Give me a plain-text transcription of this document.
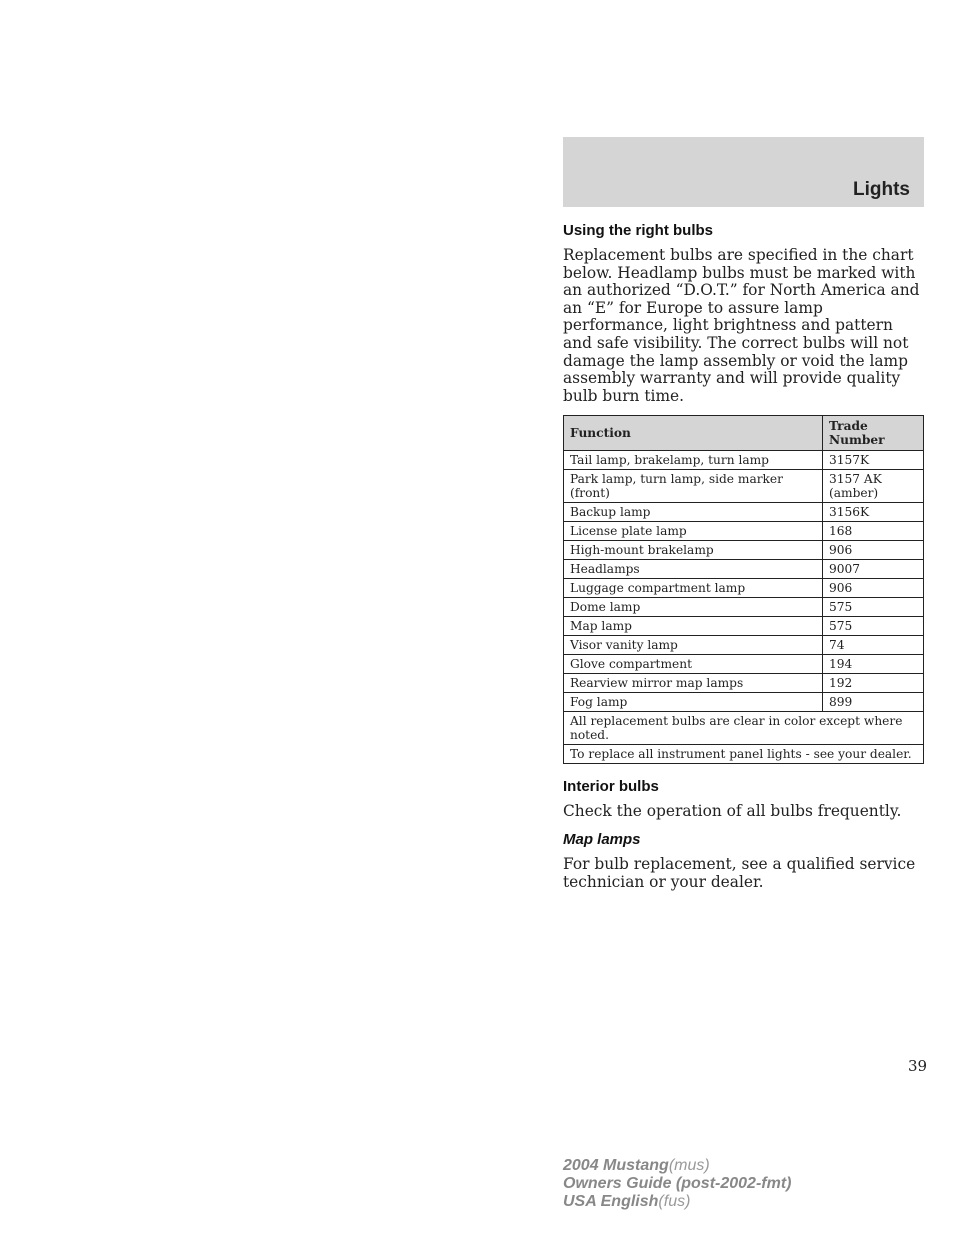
Lights
Using the right bulbs

Replacement bulbs are specified in the chart below. Headlamp bulbs must be marked with an authorized “D.O.T.” for North America and an “E” for Europe to assure lamp performance, light brightness and pattern and safe visibility. The correct bulbs will not damage the lamp assembly or void the lamp assembly warranty and will provide quality bulb burn time.

Function	Trade Number
Tail lamp, brakelamp, turn lamp	3157K
Park lamp, turn lamp, side marker (front)	3157 AK (amber)
Backup lamp	3156K
License plate lamp	168
High-mount brakelamp	906
Headlamps	9007
Luggage compartment lamp	906
Dome lamp	575
Map lamp	575
Visor vanity lamp	74
Glove compartment	194
Rearview mirror map lamps	192
Fog lamp	899
All replacement bulbs are clear in color except where noted.	
To replace all instrument panel lights - see your dealer.	
Interior bulbs

Check the operation of all bulbs frequently.

Map lamps

For bulb replacement, see a qualified service technician or your dealer.

39
2004 Mustang(mus)
Owners Guide (post-2002-fmt)
USA English(fus)
